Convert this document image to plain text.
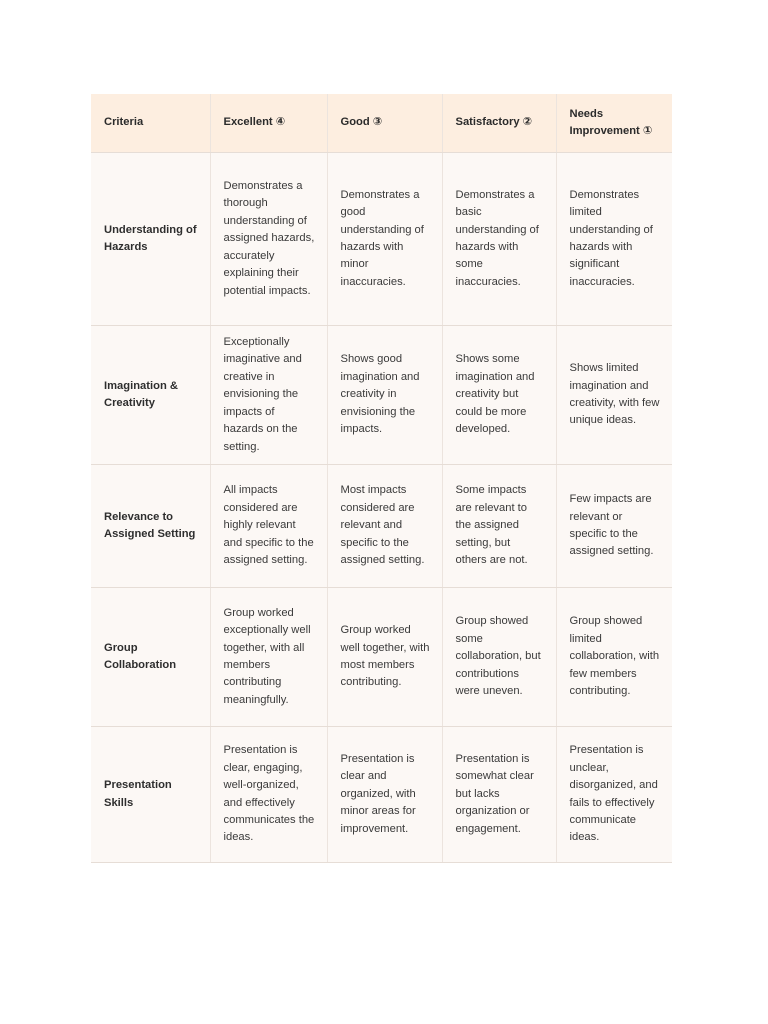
Criteria	Excellent ④	Good ③	Satisfactory ②	Needs Improvement ①
Understanding of Hazards	Demonstrates a thorough understanding of assigned hazards, accurately explaining their potential impacts.	Demonstrates a good understanding of hazards with minor inaccuracies.	Demonstrates a basic understanding of hazards with some inaccuracies.	Demonstrates limited understanding of hazards with significant inaccuracies.
Imagination & Creativity	Exceptionally imaginative and creative in envisioning the impacts of hazards on the setting.	Shows good imagination and creativity in envisioning the impacts.	Shows some imagination and creativity but could be more developed.	Shows limited imagination and creativity, with few unique ideas.
Relevance to Assigned Setting	All impacts considered are highly relevant and specific to the assigned setting.	Most impacts considered are relevant and specific to the assigned setting.	Some impacts are relevant to the assigned setting, but others are not.	Few impacts are relevant or specific to the assigned setting.
Group Collaboration	Group worked exceptionally well together, with all members contributing meaningfully.	Group worked well together, with most members contributing.	Group showed some collaboration, but contributions were uneven.	Group showed limited collaboration, with few members contributing.
Presentation Skills	Presentation is clear, engaging, well-organized, and effectively communicates the ideas.	Presentation is clear and organized, with minor areas for improvement.	Presentation is somewhat clear but lacks organization or engagement.	Presentation is unclear, disorganized, and fails to effectively communicate ideas.
